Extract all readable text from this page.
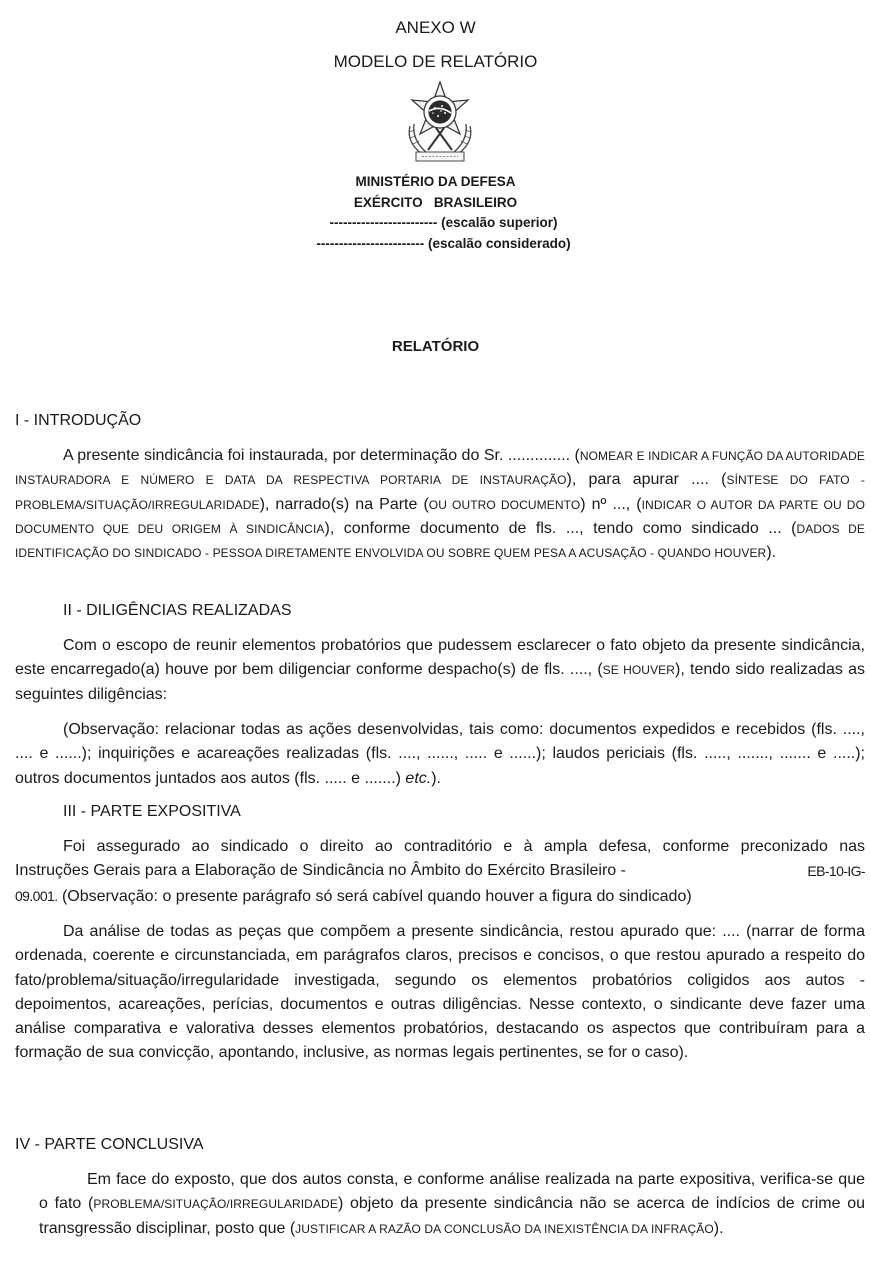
ANEXO W
MODELO DE RELATÓRIO
MINISTÉRIO DA DEFESA
EXÉRCITO   BRASILEIRO
------------------------ (escalão superior)
------------------------ (escalão considerado)
RELATÓRIO
I - INTRODUÇÃO

A presente sindicância foi instaurada, por determinação do Sr. .............. (NOMEAR E INDICAR A FUNÇÃO DA AUTORIDADE INSTAURADORA E NÚMERO E DATA DA RESPECTIVA PORTARIA DE INSTAURAÇÃO), para apurar .... (SÍNTESE DO FATO - PROBLEMA/SITUAÇÃO/IRREGULARIDADE), narrado(s) na Parte (OU OUTRO DOCUMENTO) nº ..., (INDICAR O AUTOR DA PARTE OU DO DOCUMENTO QUE DEU ORIGEM À SINDICÂNCIA), conforme documento de fls. ..., tendo como sindicado ... (DADOS DE IDENTIFICAÇÃO DO SINDICADO - PESSOA DIRETAMENTE ENVOLVIDA OU SOBRE QUEM PESA A ACUSAÇÃO - QUANDO HOUVER).

II - DILIGÊNCIAS REALIZADAS

Com o escopo de reunir elementos probatórios que pudessem esclarecer o fato objeto da presente sindicância, este encarregado(a) houve por bem diligenciar conforme despacho(s) de fls. ...., (SE HOUVER), tendo sido realizadas as seguintes diligências:

(Observação: relacionar todas as ações desenvolvidas, tais como: documentos expedidos e recebidos (fls. ...., .... e ......); inquirições e acareações realizadas (fls. ...., ......, ..... e ......); laudos periciais (fls. ....., ......., ....... e .....); outros documentos juntados aos autos (fls. ..... e .......) etc.).

III - PARTE EXPOSITIVA
Foi assegurado ao sindicado o direito ao contraditório e à ampla defesa, conforme preconizado nas
Instruções Gerais para a Elaboração de Sindicância no Âmbito do Exército Brasileiro -	EB-10-IG-
09.001. (Observação: o presente parágrafo só será cabível quando houver a figura do sindicado)

Da análise de todas as peças que compõem a presente sindicância, restou apurado que: .... (narrar de forma ordenada, coerente e circunstanciada, em parágrafos claros, precisos e concisos, o que restou apurado a respeito do fato/problema/situação/irregularidade investigada, segundo os elementos probatórios coligidos aos autos - depoimentos, acareações, perícias, documentos e outras diligências. Nesse contexto, o sindicante deve fazer uma análise comparativa e valorativa desses elementos probatórios, destacando os aspectos que contribuíram para a formação de sua convicção, apontando, inclusive, as normas legais pertinentes, se for o caso).

IV - PARTE CONCLUSIVA

Em face do exposto, que dos autos consta, e conforme análise realizada na parte expositiva, verifica-se que o fato (PROBLEMA/SITUAÇÃO/IRREGULARIDADE) objeto da presente sindicância não se acerca de indícios de crime ou transgressão disciplinar, posto que (JUSTIFICAR A RAZÃO DA CONCLUSÃO DA INEXISTÊNCIA DA INFRAÇÃO).
